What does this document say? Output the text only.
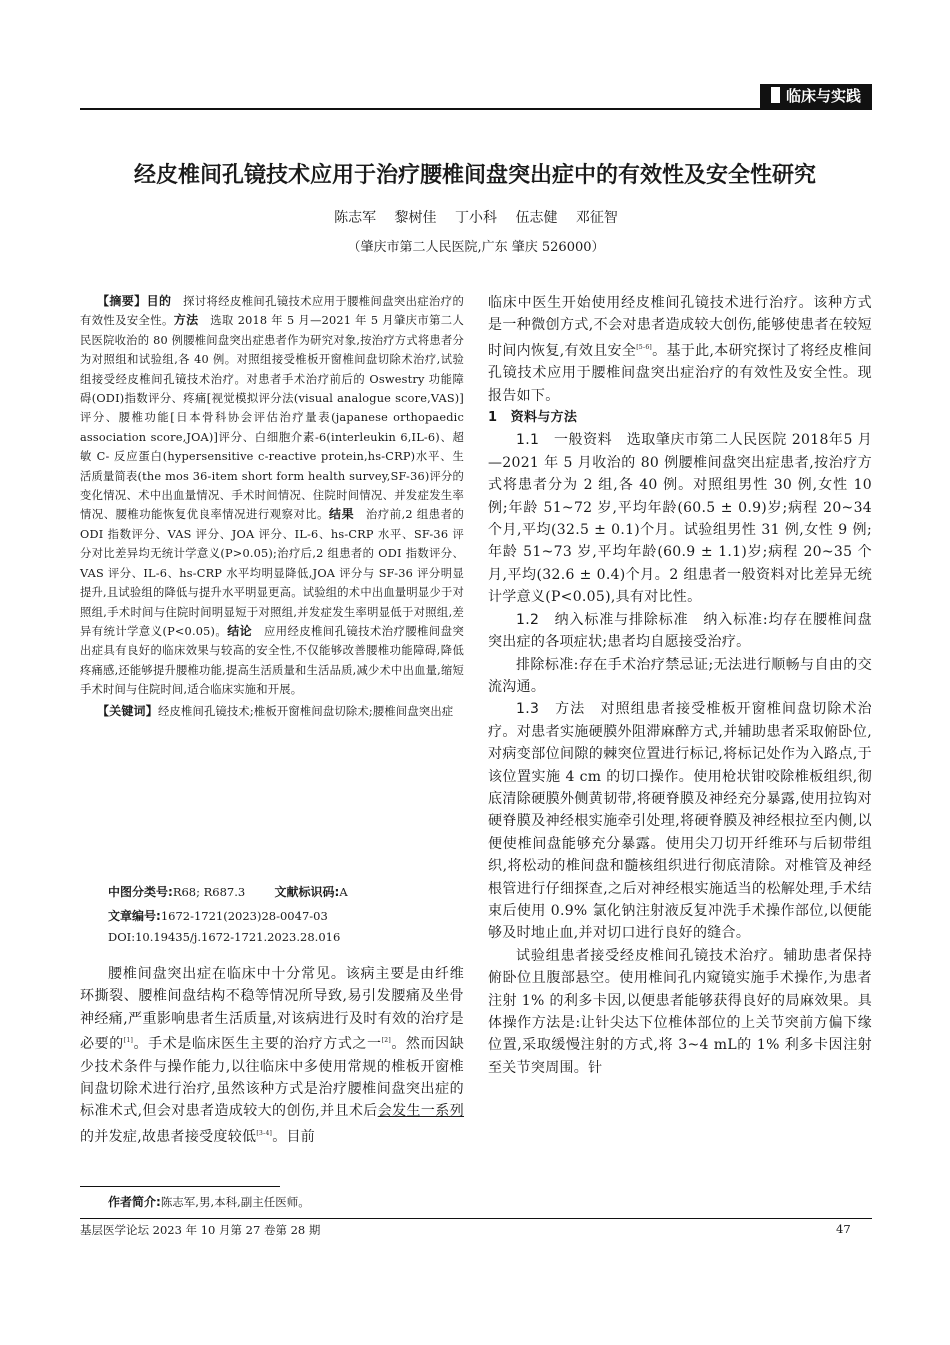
临床与实践
经皮椎间孔镜技术应用于治疗腰椎间盘突出症中的有效性及安全性研究
陈志军 黎树佳 丁小科 伍志健 邓征智
（肇庆市第二人民医院,广东 肇庆 526000）

【摘要】目的　 探讨将经皮椎间孔镜技术应用于腰椎间盘突出症治疗的有效性及安全性。方法　 选取 2018 年 5 月—2021 年 5 月肇庆市第二人民医院收治的 80 例腰椎间盘突出症患者作为研究对象,按治疗方式将患者分为对照组和试验组,各 40 例。对照组接受椎板开窗椎间盘切除术治疗,试验组接受经皮椎间孔镜技术治疗。对患者手术治疗前后的 Oswestry 功能障碍(ODI)指数评分、疼痛[视觉模拟评分法(visual analogue score,VAS)]评分、腰椎功能[日本骨科协会评估治疗量表(japanese orthopaedic association score,JOA)]评分、白细胞介素-6(interleukin 6,IL-6)、超敏 C- 反应蛋白(hypersensitive c-reactive protein,hs-CRP)水平、生活质量简表(the mos 36-item short form health survey,SF-36)评分的变化情况、术中出血量情况、手术时间情况、住院时间情况、并发症发生率情况、腰椎功能恢复优良率情况进行观察对比。结果　 治疗前,2 组患者的 ODI 指数评分、VAS 评分、JOA 评分、IL-6、hs-CRP 水平、SF-36 评分对比差异均无统计学意义(P>0.05);治疗后,2 组患者的 ODI 指数评分、VAS 评分、IL-6、hs-CRP 水平均明显降低,JOA 评分与 SF-36 评分明显提升,且试验组的降低与提升水平明显更高。试验组的术中出血量明显少于对照组,手术时间与住院时间明显短于对照组,并发症发生率明显低于对照组,差异有统计学意义(P<0.05)。结论　 应用经皮椎间孔镜技术治疗腰椎间盘突出症具有良好的临床效果与较高的安全性,不仅能够改善腰椎功能障碍,降低疼痛感,还能够提升腰椎功能,提高生活质量和生活品质,减少术中出血量,缩短手术时间与住院时间,适合临床实施和开展。

【关键词】经皮椎间孔镜技术;椎板开窗椎间盘切除术;腰椎间盘突出症

中图分类号:R68; R687.3 文献标识码:A
文章编号:1672-1721(2023)28-0047-03
DOI:10.19435/j.1672-1721.2023.28.016

腰椎间盘突出症在临床中十分常见。该病主要是由纤维环撕裂、腰椎间盘结构不稳等情况所导致,易引发腰痛及坐骨神经痛,严重影响患者生活质量,对该病进行及时有效的治疗是必要的[1]。手术是临床医生主要的治疗方式之一[2]。然而因缺少技术条件与操作能力,以往临床中多使用常规的椎板开窗椎间盘切除术进行治疗,虽然该种方式是治疗腰椎间盘突出症的标准术式,但会对患者造成较大的创伤,并且术后会发生一系列的并发症,故患者接受度较低[3-4]。目前

作者简介:陈志军,男,本科,副主任医师。

临床中医生开始使用经皮椎间孔镜技术进行治疗。该种方式是一种微创方式,不会对患者造成较大创伤,能够使患者在较短时间内恢复,有效且安全[5-6]。基于此,本研究探讨了将经皮椎间孔镜技术应用于腰椎间盘突出症治疗的有效性及安全性。现报告如下。

1　资料与方法

1.1　一般资料　 选取肇庆市第二人民医院 2018年5 月—2021 年 5 月收治的 80 例腰椎间盘突出症患者,按治疗方式将患者分为 2 组,各 40 例。对照组男性 30 例,女性 10 例;年龄 51~72 岁,平均年龄(60.5 ± 0.9)岁;病程 20~34 个月,平均(32.5 ± 0.1)个月。试验组男性 31 例,女性 9 例;年龄 51~73 岁,平均年龄(60.9 ± 1.1)岁;病程 20~35 个月,平均(32.6 ± 0.4)个月。2 组患者一般资料对比差异无统计学意义(P<0.05),具有对比性。

1.2　纳入标准与排除标准　 纳入标准:均存在腰椎间盘突出症的各项症状;患者均自愿接受治疗。

排除标准:存在手术治疗禁忌证;无法进行顺畅与自由的交流沟通。

1.3　方法　 对照组患者接受椎板开窗椎间盘切除术治疗。对患者实施硬膜外阻滞麻醉方式,并辅助患者采取俯卧位,对病变部位间隙的棘突位置进行标记,将标记处作为入路点,于该位置实施 4 cm 的切口操作。使用枪状钳咬除椎板组织,彻底清除硬膜外侧黄韧带,将硬脊膜及神经充分暴露,使用拉钩对硬脊膜及神经根实施牵引处理,将硬脊膜及神经根拉至内侧,以便使椎间盘能够充分暴露。使用尖刀切开纤维环与后韧带组织,将松动的椎间盘和髓核组织进行彻底清除。对椎管及神经根管进行仔细探查,之后对神经根实施适当的松解处理,手术结束后使用 0.9% 氯化钠注射液反复冲洗手术操作部位,以便能够及时地止血,并对切口进行良好的缝合。

试验组患者接受经皮椎间孔镜技术治疗。辅助患者保持俯卧位且腹部悬空。使用椎间孔内窥镜实施手术操作,为患者注射 1% 的利多卡因,以便患者能够获得良好的局麻效果。具体操作方法是:让针尖达下位椎体部位的上关节突前方偏下缘位置,采取缓慢注射的方式,将 3~4 mL的 1% 利多卡因注射至关节突周围。针

基层医学论坛 2023 年 10 月第 27 卷第 28 期	47
